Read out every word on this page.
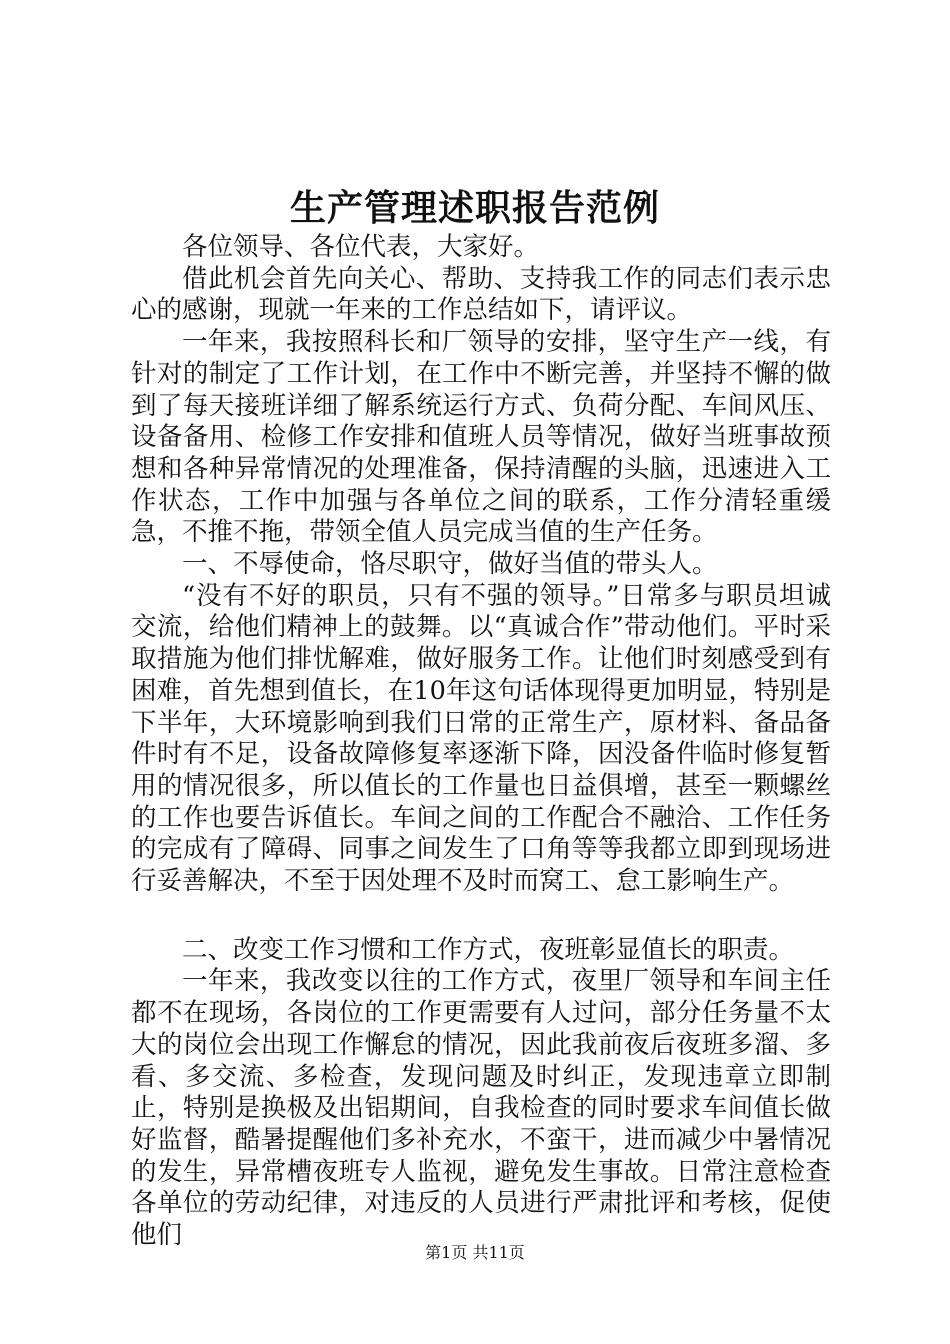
生产管理述职报告范例

各位领导、各位代表，大家好。

借此机会首先向关心、帮助、支持我工作的同志们表示忠心的感谢，现就一年来的工作总结如下，请评议。

一年来，我按照科长和厂领导的安排，坚守生产一线，有针对的制定了工作计划，在工作中不断完善，并坚持不懈的做到了每天接班详细了解系统运行方式、负荷分配、车间风压、设备备用、检修工作安排和值班人员等情况，做好当班事故预想和各种异常情况的处理准备，保持清醒的头脑，迅速进入工作状态，工作中加强与各单位之间的联系，工作分清轻重缓急，不推不拖，带领全值人员完成当值的生产任务。

一、不辱使命，恪尽职守，做好当值的带头人。

“没有不好的职员，只有不强的领导。”日常多与职员坦诚交流，给他们精神上的鼓舞。以“真诚合作”带动他们。平时采取措施为他们排忧解难，做好服务工作。让他们时刻感受到有困难，首先想到值长，在10年这句话体现得更加明显，特别是下半年，大环境影响到我们日常的正常生产，原材料、备品备件时有不足，设备故障修复率逐渐下降，因没备件临时修复暂用的情况很多，所以值长的工作量也日益俱增，甚至一颗螺丝的工作也要告诉值长。车间之间的工作配合不融洽、工作任务的完成有了障碍、同事之间发生了口角等等我都立即到现场进行妥善解决，不至于因处理不及时而窝工、怠工影响生产。

二、改变工作习惯和工作方式，夜班彰显值长的职责。

一年来，我改变以往的工作方式，夜里厂领导和车间主任都不在现场，各岗位的工作更需要有人过问，部分任务量不太大的岗位会出现工作懈怠的情况，因此我前夜后夜班多溜、多看、多交流、多检查，发现问题及时纠正，发现违章立即制止，特别是换极及出铝期间，自我检查的同时要求车间值长做好监督，酷暑提醒他们多补充水，不蛮干，进而减少中暑情况的发生，异常槽夜班专人监视，避免发生事故。日常注意检查各单位的劳动纪律，对违反的人员进行严肃批评和考核，促使他们

第1页 共11页
